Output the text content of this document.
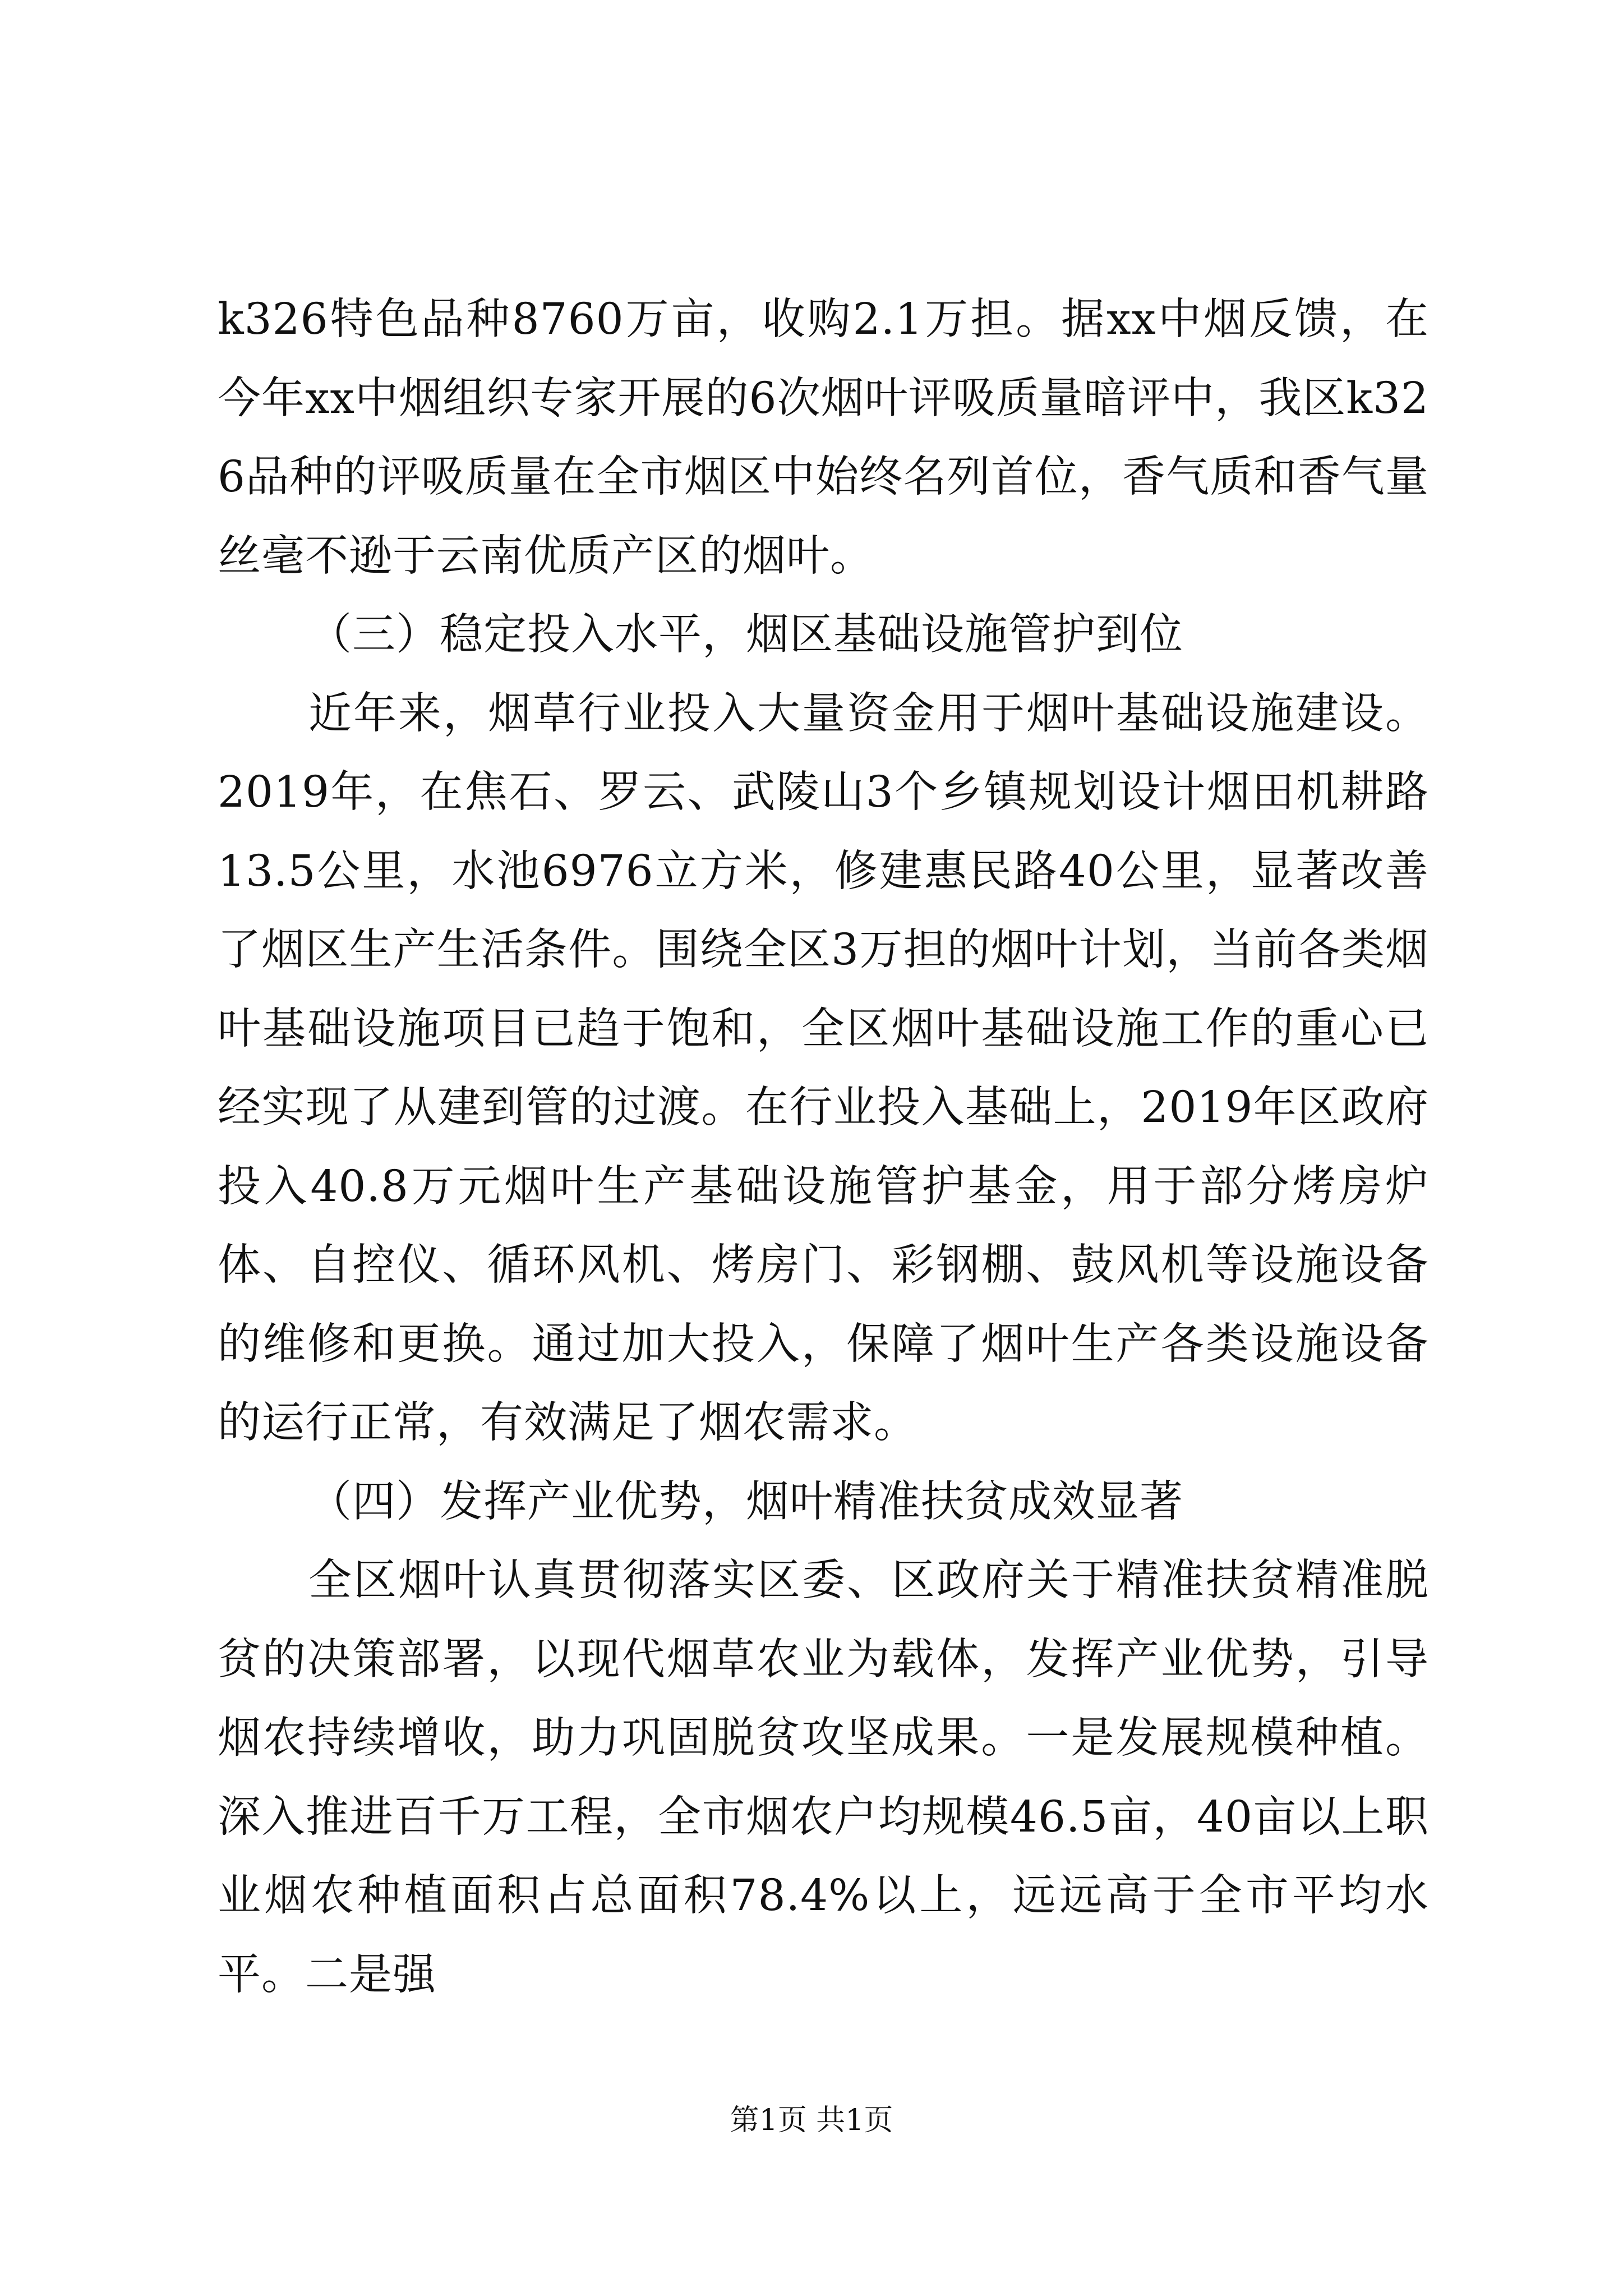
k326特色品种8760万亩，收购2.1万担。据xx中烟反馈，在今年xx中烟组织专家开展的6次烟叶评吸质量暗评中，我区k326品种的评吸质量在全市烟区中始终名列首位，香气质和香气量丝毫不逊于云南优质产区的烟叶。

（三）稳定投入水平，烟区基础设施管护到位

近年来，烟草行业投入大量资金用于烟叶基础设施建设。2019年，在焦石、罗云、武陵山3个乡镇规划设计烟田机耕路13.5公里，水池6976立方米，修建惠民路40公里，显著改善了烟区生产生活条件。围绕全区3万担的烟叶计划，当前各类烟叶基础设施项目已趋于饱和，全区烟叶基础设施工作的重心已经实现了从建到管的过渡。在行业投入基础上，2019年区政府投入40.8万元烟叶生产基础设施管护基金，用于部分烤房炉体、自控仪、循环风机、烤房门、彩钢棚、鼓风机等设施设备的维修和更换。通过加大投入，保障了烟叶生产各类设施设备的运行正常，有效满足了烟农需求。

（四）发挥产业优势，烟叶精准扶贫成效显著

全区烟叶认真贯彻落实区委、区政府关于精准扶贫精准脱贫的决策部署，以现代烟草农业为载体，发挥产业优势，引导烟农持续增收，助力巩固脱贫攻坚成果。一是发展规模种植。深入推进百千万工程，全市烟农户均规模46.5亩，40亩以上职业烟农种植面积占总面积78.4%以上，远远高于全市平均水平。二是强

第1页 共1页
